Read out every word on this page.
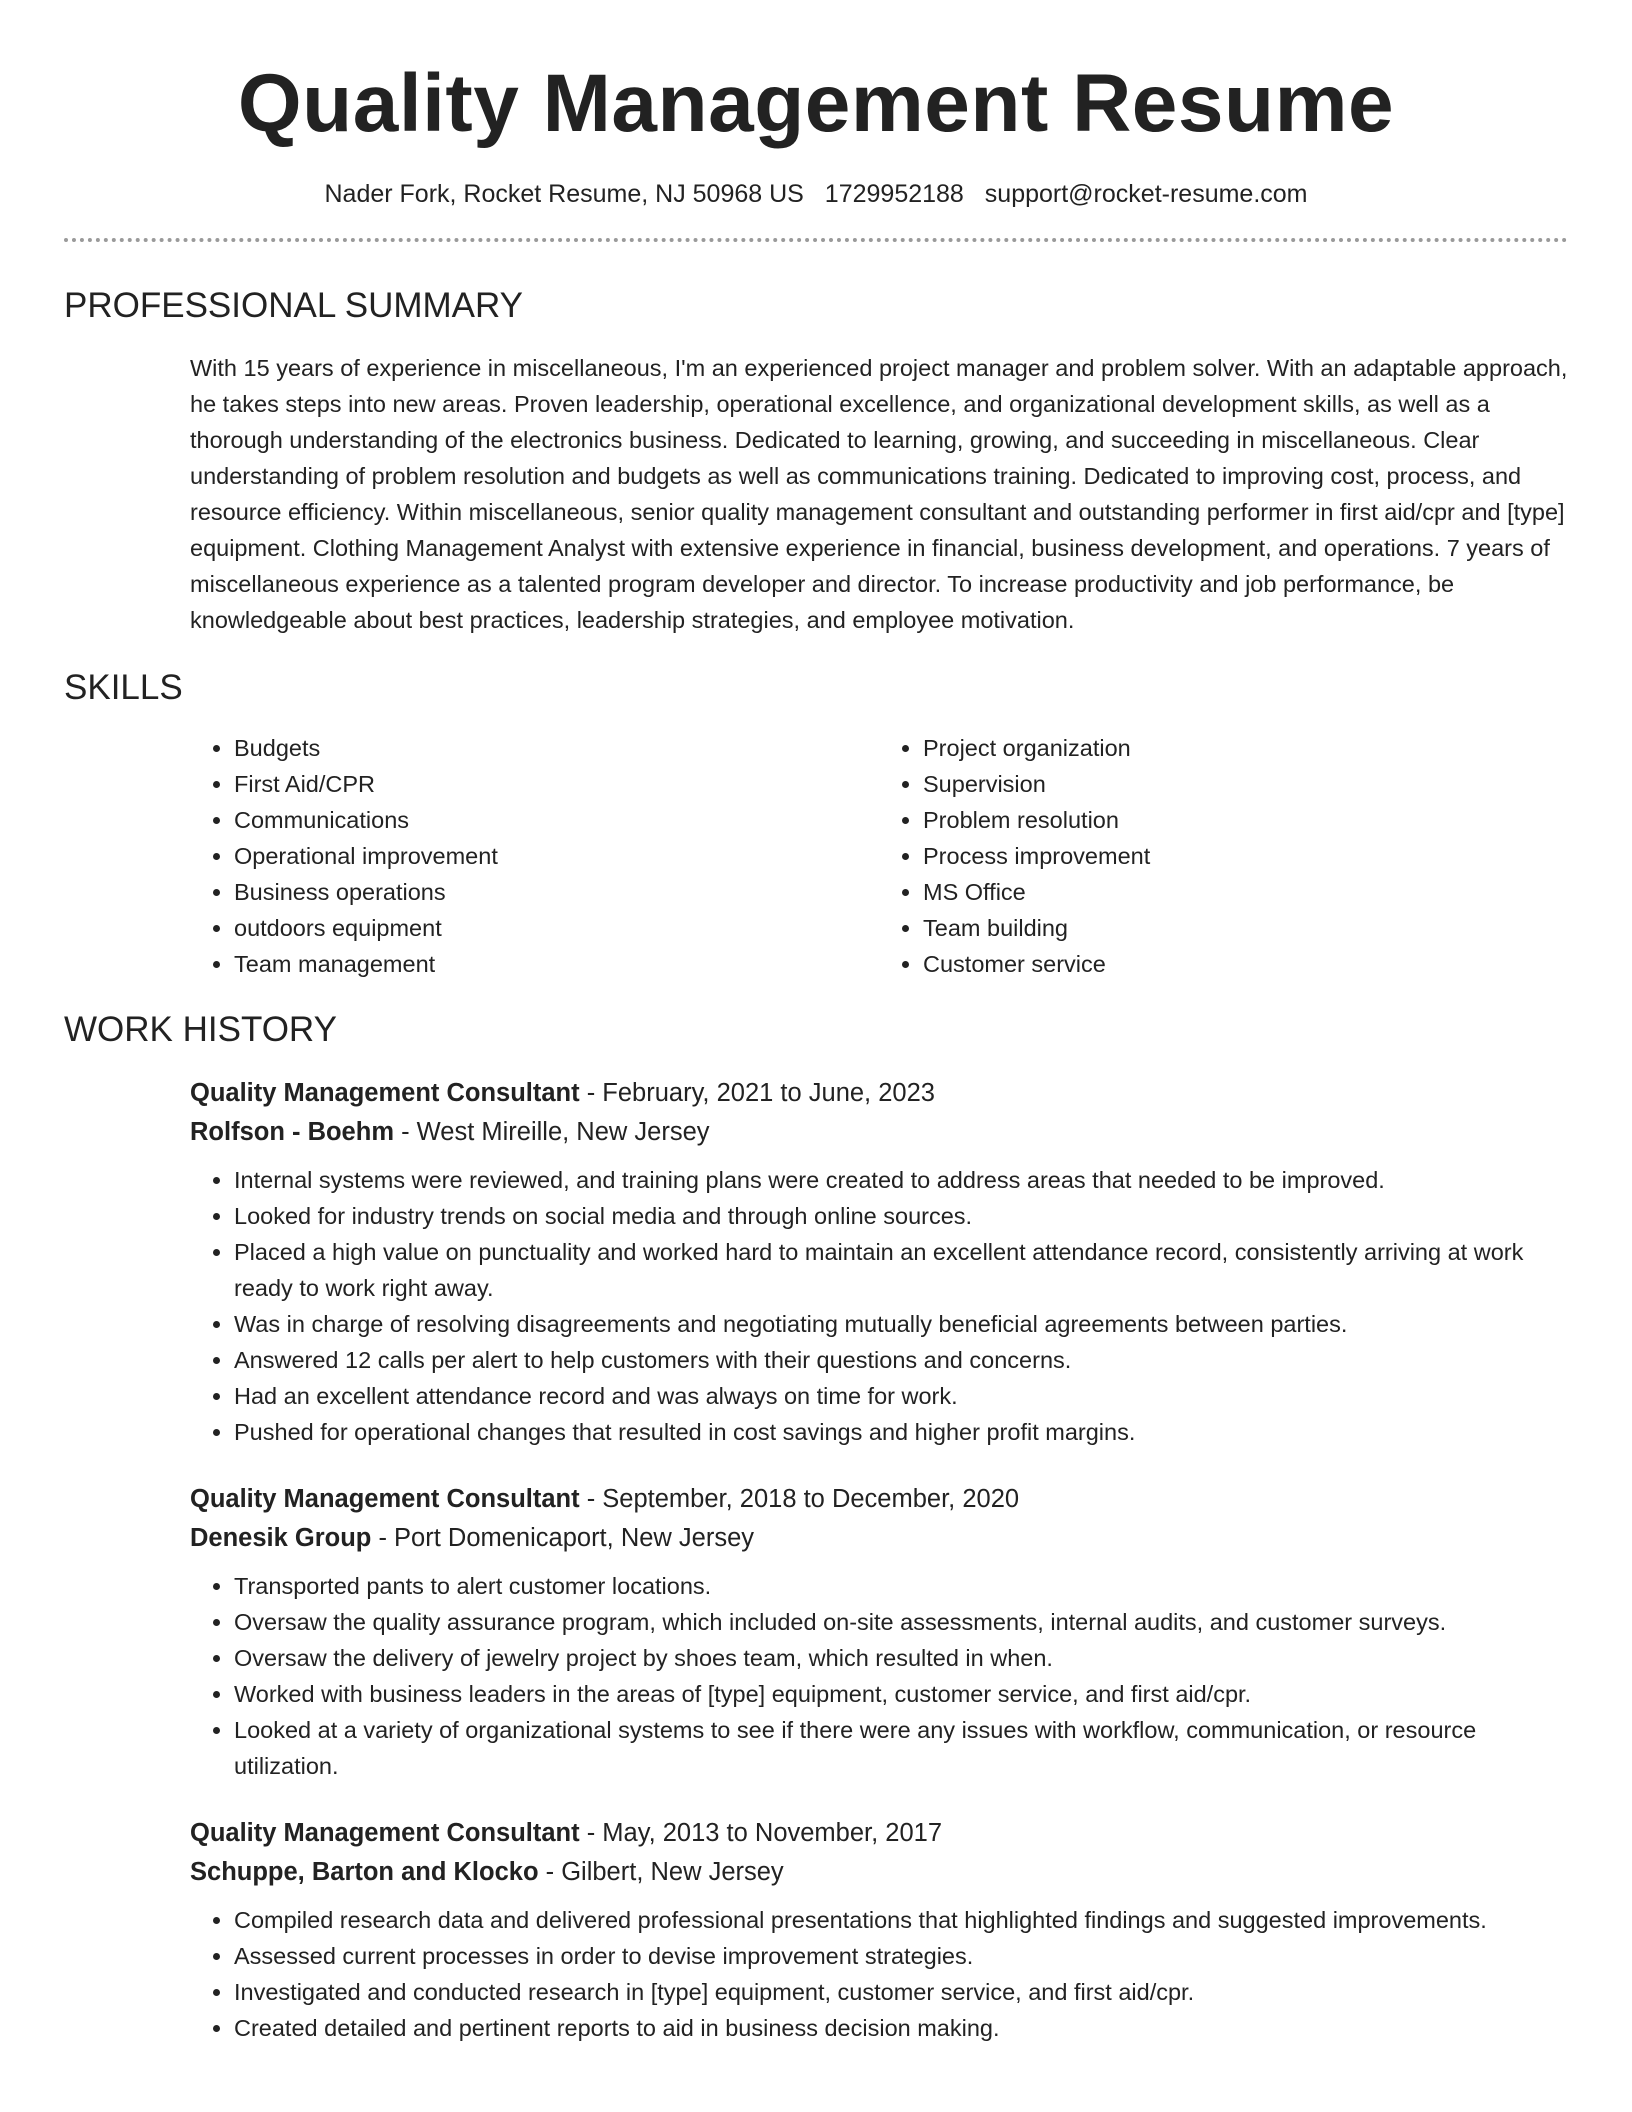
Quality Management Resume
Nader Fork, Rocket Resume, NJ 50968 US 1729952188 support@rocket-resume.com
PROFESSIONAL SUMMARY

With 15 years of experience in miscellaneous, I'm an experienced project manager and problem solver. With an adaptable approach, he takes steps into new areas. Proven leadership, operational excellence, and organizational development skills, as well as a thorough understanding of the electronics business. Dedicated to learning, growing, and succeeding in miscellaneous. Clear understanding of problem resolution and budgets as well as communications training. Dedicated to improving cost, process, and resource efficiency. Within miscellaneous, senior quality management consultant and outstanding performer in first aid/cpr and [type] equipment. Clothing Management Analyst with extensive experience in financial, business development, and operations. 7 years of miscellaneous experience as a talented program developer and director. To increase productivity and job performance, be knowledgeable about best practices, leadership strategies, and employee motivation.

SKILLS
• Budgets
• First Aid/CPR
• Communications
• Operational improvement
• Business operations
• outdoors equipment
• Team management
• Project organization
• Supervision
• Problem resolution
• Process improvement
• MS Office
• Team building
• Customer service
WORK HISTORY
Quality Management Consultant - February, 2021 to June, 2023
Rolfson - Boehm - West Mireille, New Jersey
• Internal systems were reviewed, and training plans were created to address areas that needed to be improved.
• Looked for industry trends on social media and through online sources.
• Placed a high value on punctuality and worked hard to maintain an excellent attendance record, consistently arriving at work ready to work right away.
• Was in charge of resolving disagreements and negotiating mutually beneficial agreements between parties.
• Answered 12 calls per alert to help customers with their questions and concerns.
• Had an excellent attendance record and was always on time for work.
• Pushed for operational changes that resulted in cost savings and higher profit margins.
Quality Management Consultant - September, 2018 to December, 2020
Denesik Group - Port Domenicaport, New Jersey
• Transported pants to alert customer locations.
• Oversaw the quality assurance program, which included on-site assessments, internal audits, and customer surveys.
• Oversaw the delivery of jewelry project by shoes team, which resulted in when.
• Worked with business leaders in the areas of [type] equipment, customer service, and first aid/cpr.
• Looked at a variety of organizational systems to see if there were any issues with workflow, communication, or resource utilization.
Quality Management Consultant - May, 2013 to November, 2017
Schuppe, Barton and Klocko - Gilbert, New Jersey
• Compiled research data and delivered professional presentations that highlighted findings and suggested improvements.
• Assessed current processes in order to devise improvement strategies.
• Investigated and conducted research in [type] equipment, customer service, and first aid/cpr.
• Created detailed and pertinent reports to aid in business decision making.
